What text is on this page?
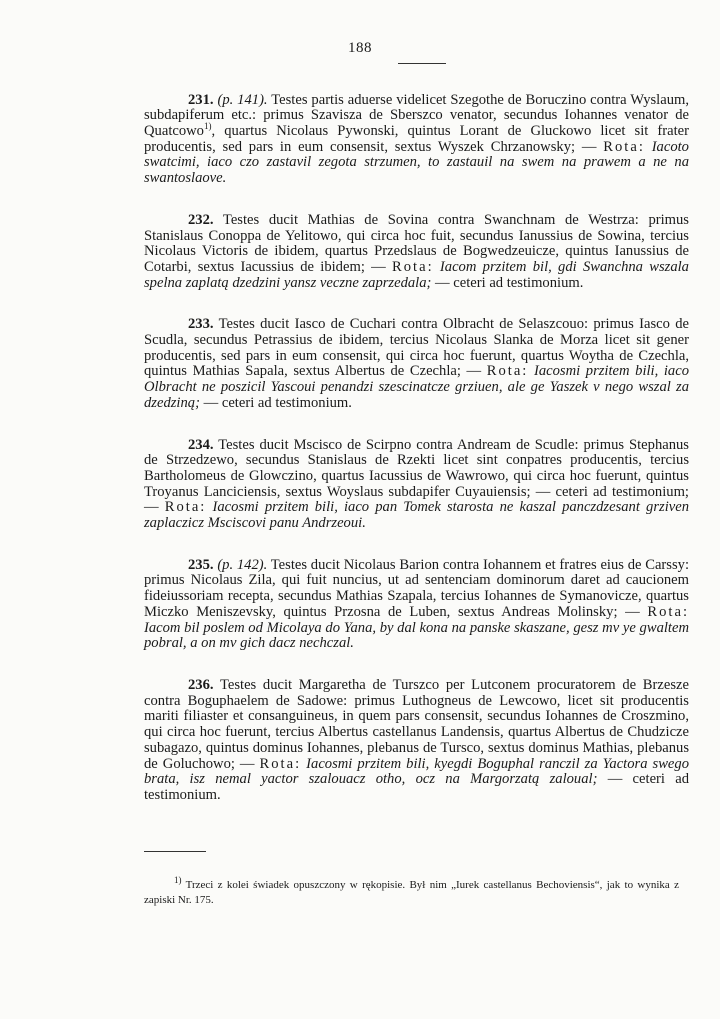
188

231. (p. 141). Testes partis aduerse videlicet Szegothe de Boruczino contra Wyslaum, subdapiferum etc.: primus Szavisza de Sberszco venator, secundus Iohannes venator de Quatcowo$^{1)}$, quartus Nicolaus Pywonski, quintus Lorant de Gluckowo licet sit frater producentis, sed pars in eum consensit, sextus Wyszek Chrzanowsky; — Rota: Iacoto swatcimi, iaco czo zastavil zegota strzumen, to zastauil na swem na prawem a ne na swantoslaove.

232. Testes ducit Mathias de Sovina contra Swanchnam de Westrza: primus Stanislaus Conoppa de Yelitowo, qui circa hoc fuit, secundus Ianussius de Sowina, tercius Nicolaus Victoris de ibidem, quartus Przedslaus de Bogwedzeuicze, quintus Ianussius de Cotarbi, sextus Iacussius de ibidem; — Rota: Iacom przitem bil, gdi Swanchna wszala spelna zaplatą dzedzini yansz veczne zaprzedala; — ceteri ad testimonium.

233. Testes ducit Iasco de Cuchari contra Olbracht de Selaszcouo: primus Iasco de Scudla, secundus Petrassius de ibidem, tercius Nicolaus Slanka de Morza licet sit gener producentis, sed pars in eum consensit, qui circa hoc fuerunt, quartus Woytha de Czechla, quintus Mathias Sapala, sextus Albertus de Czechla; — Rota: Iacosmi przitem bili, iaco Olbracht ne poszicil Yascoui penandzi szescinatcze grziuen, ale ge Yaszek v nego wszal za dzedziną; — ceteri ad testimonium.

234. Testes ducit Mscisco de Scirpno contra Andream de Scudle: primus Stephanus de Strzedzewo, secundus Stanislaus de Rzekti licet sint conpatres producentis, tercius Bartholomeus de Glowczino, quartus Iacussius de Wawrowo, qui circa hoc fuerunt, quintus Troyanus Lanciciensis, sextus Woyslaus subdapifer Cuyauiensis; — ceteri ad testimonium; — Rota: Iacosmi przitem bili, iaco pan Tomek starosta ne kaszal panczdzesant grziven zaplaczicz Msciscovi panu Andrzeoui.

235. (p. 142). Testes ducit Nicolaus Barion contra Iohannem et fratres eius de Carssy: primus Nicolaus Zila, qui fuit nuncius, ut ad sentenciam dominorum daret ad caucionem fideiussoriam recepta, secundus Mathias Szapala, tercius Iohannes de Symanovicze, quartus Miczko Meniszevsky, quintus Przosna de Luben, sextus Andreas Molinsky; — Rota: Iacom bil poslem od Micolaya do Yana, by dal kona na panske skaszane, gesz mv ye gwaltem pobral, a on mv gich dacz nechczal.

236. Testes ducit Margaretha de Turszco per Lutconem procuratorem de Brzesze contra Boguphaelem de Sadowe: primus Luthogneus de Lewcowo, licet sit producentis mariti filiaster et consanguineus, in quem pars consensit, secundus Iohannes de Croszmino, qui circa hoc fuerunt, tercius Albertus castellanus Landensis, quartus Albertus de Chudzicze subagazo, quintus dominus Iohannes, plebanus de Tursco, sextus dominus Mathias, plebanus de Goluchowo; — Rota: Iacosmi przitem bili, kyegdi Boguphal ranczil za Yactora swego brata, isz nemal yactor szalouacz otho, ocz na Margorzatą zaloual; — ceteri ad testimonium.

$^{1)}$ Trzeci z kolei świadek opuszczony w rękopisie. Był nim „Iurek castellanus Bechoviensis“, jak to wynika z zapiski Nr. 175.
